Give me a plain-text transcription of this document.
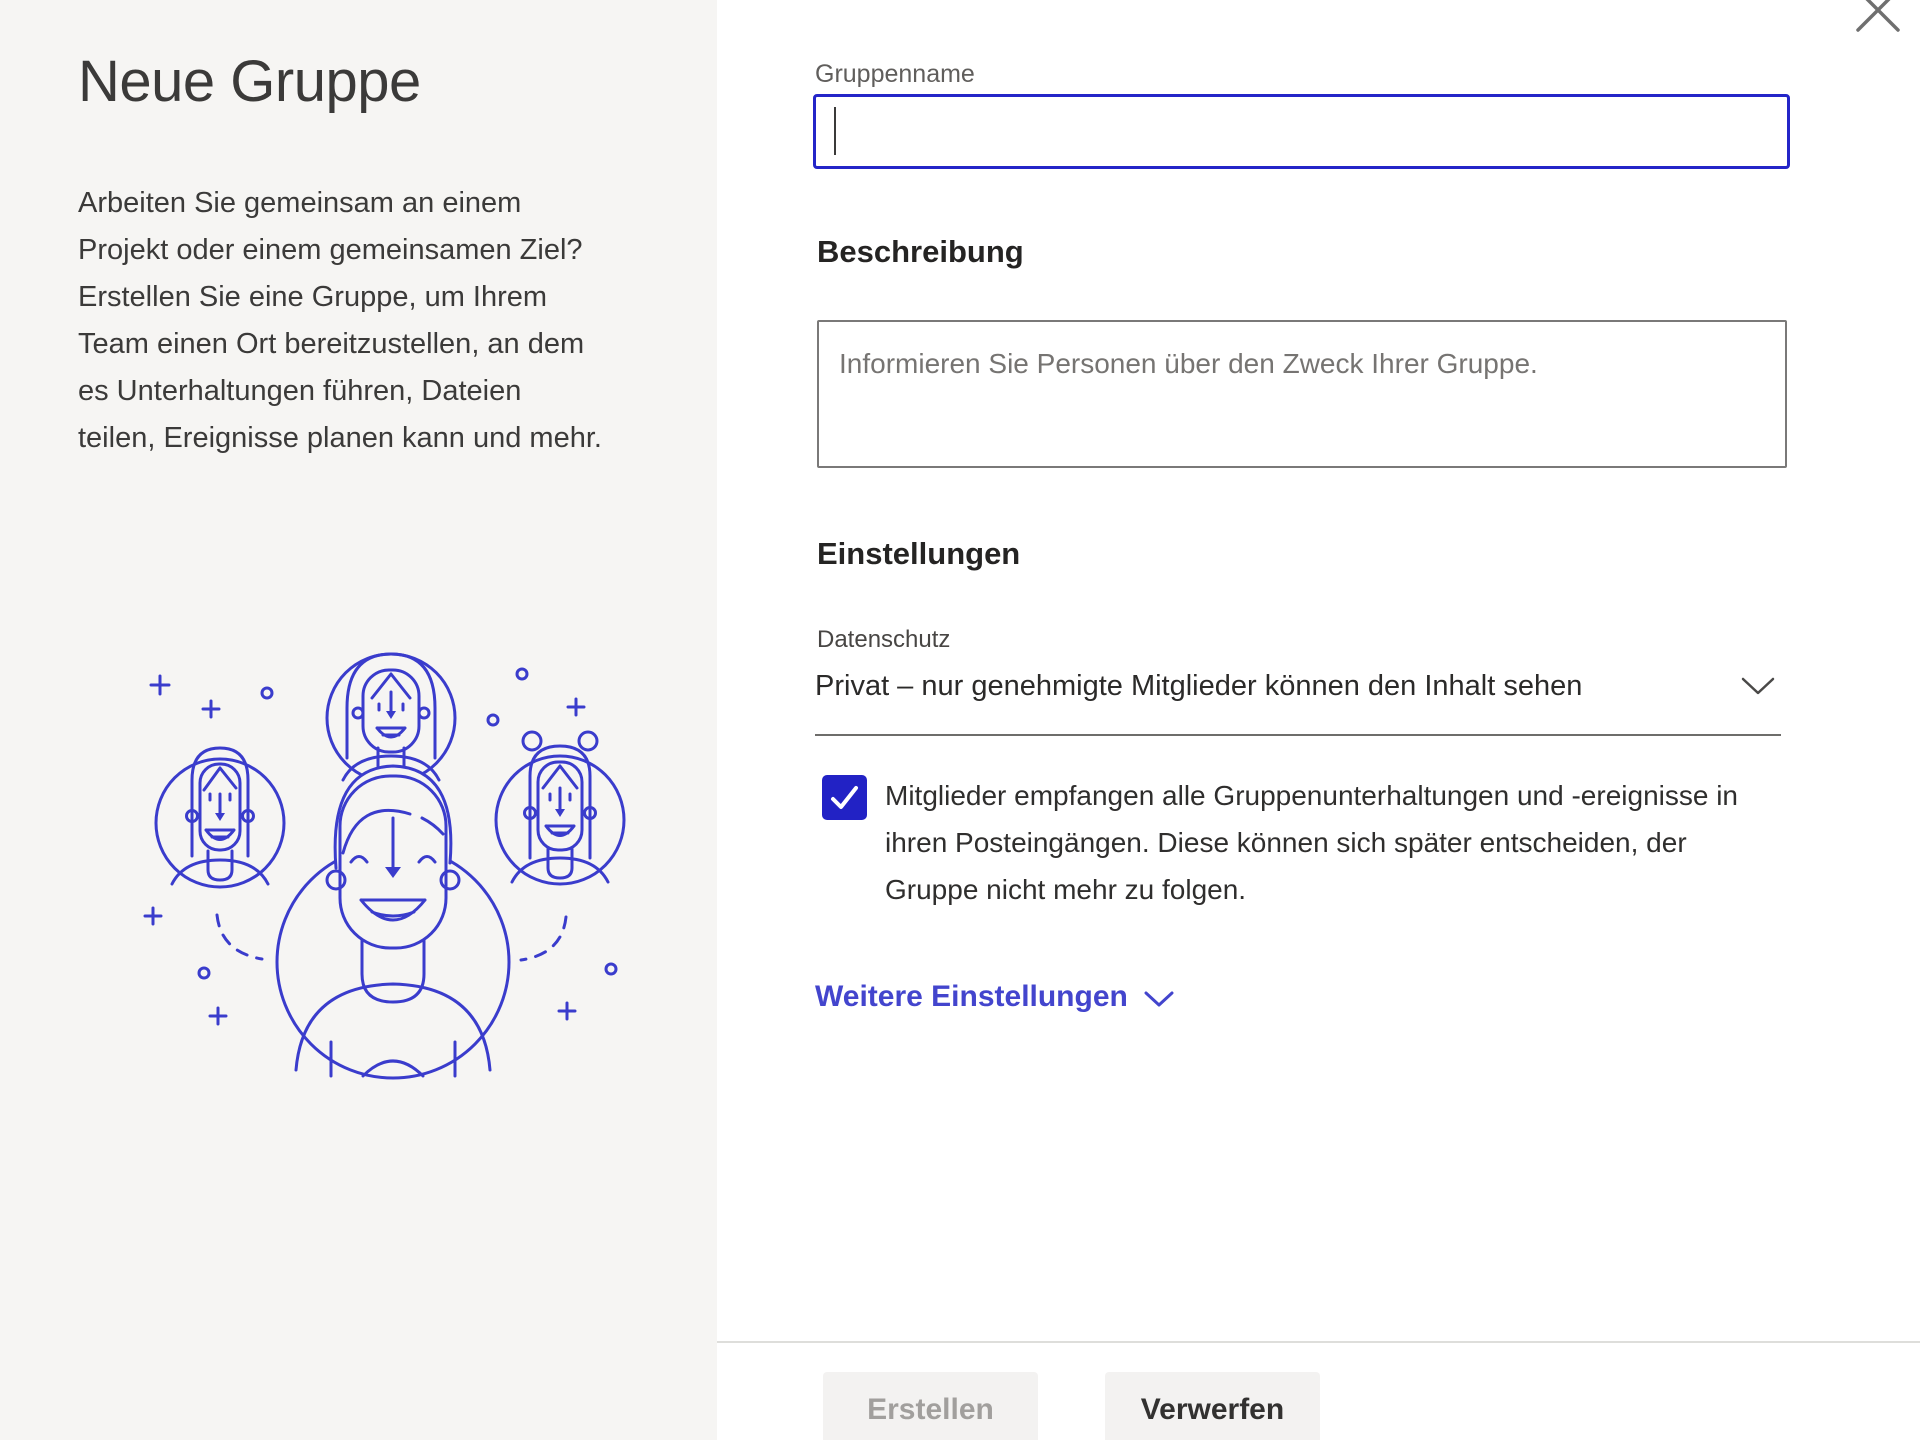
Neue Gruppe

Arbeiten Sie gemeinsam an einem Projekt oder einem gemeinsamen Ziel? Erstellen Sie eine Gruppe, um Ihrem Team einen Ort bereitzustellen, an dem es Unterhaltungen führen, Dateien teilen, Ereignisse planen kann und mehr.

Gruppenname
Beschreibung
Informieren Sie Personen über den Zweck Ihrer Gruppe.
Einstellungen
Datenschutz
Privat – nur genehmigte Mitglieder können den Inhalt sehen
Mitglieder empfangen alle Gruppenunterhaltungen und -ereignisse in ihren Posteingängen. Diese können sich später entscheiden, der Gruppe nicht mehr zu folgen.
Weitere Einstellungen
Erstellen	Verwerfen
